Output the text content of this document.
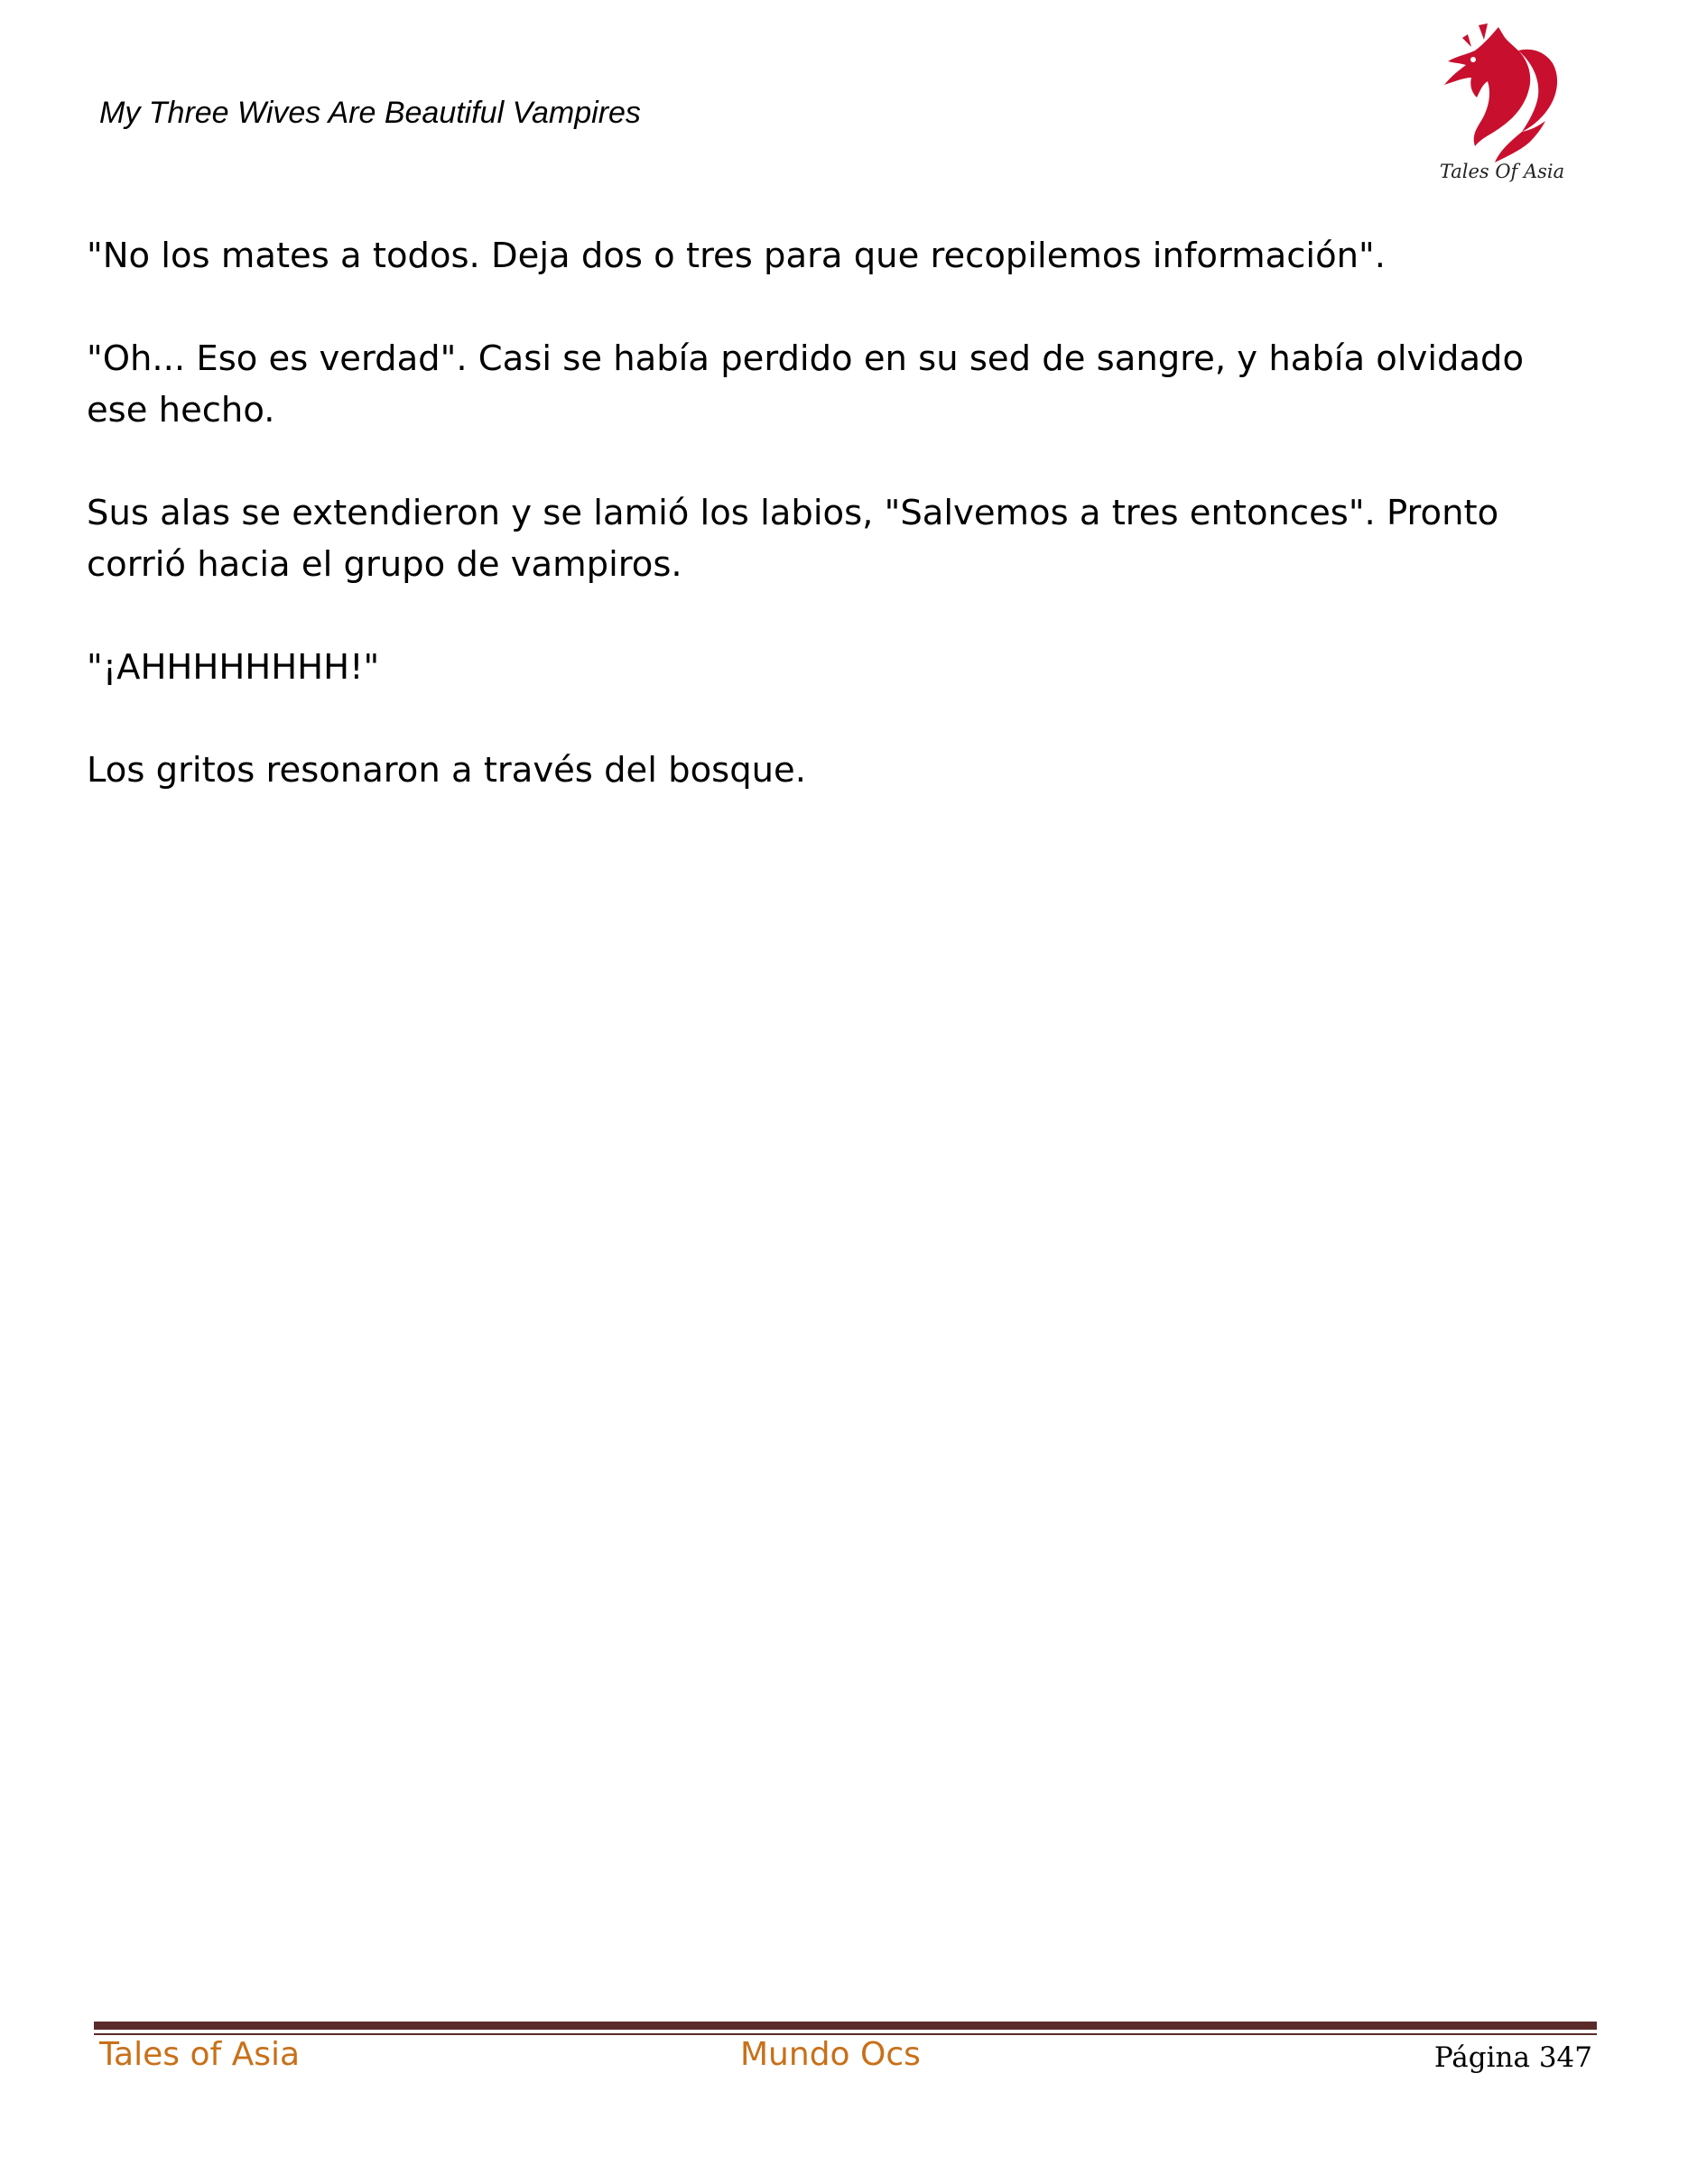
My Three Wives Are Beautiful Vampires
Tales Of Asia

"No los mates a todos. Deja dos o tres para que recopilemos información".

"Oh... Eso es verdad". Casi se había perdido en su sed de sangre, y había olvidado ese hecho.

Sus alas se extendieron y se lamió los labios, "Salvemos a tres entonces". Pronto corrió hacia el grupo de vampiros.

"¡AHHHHHHHH!"

Los gritos resonaron a través del bosque.

Tales of Asia	Mundo Ocs	Página 347
